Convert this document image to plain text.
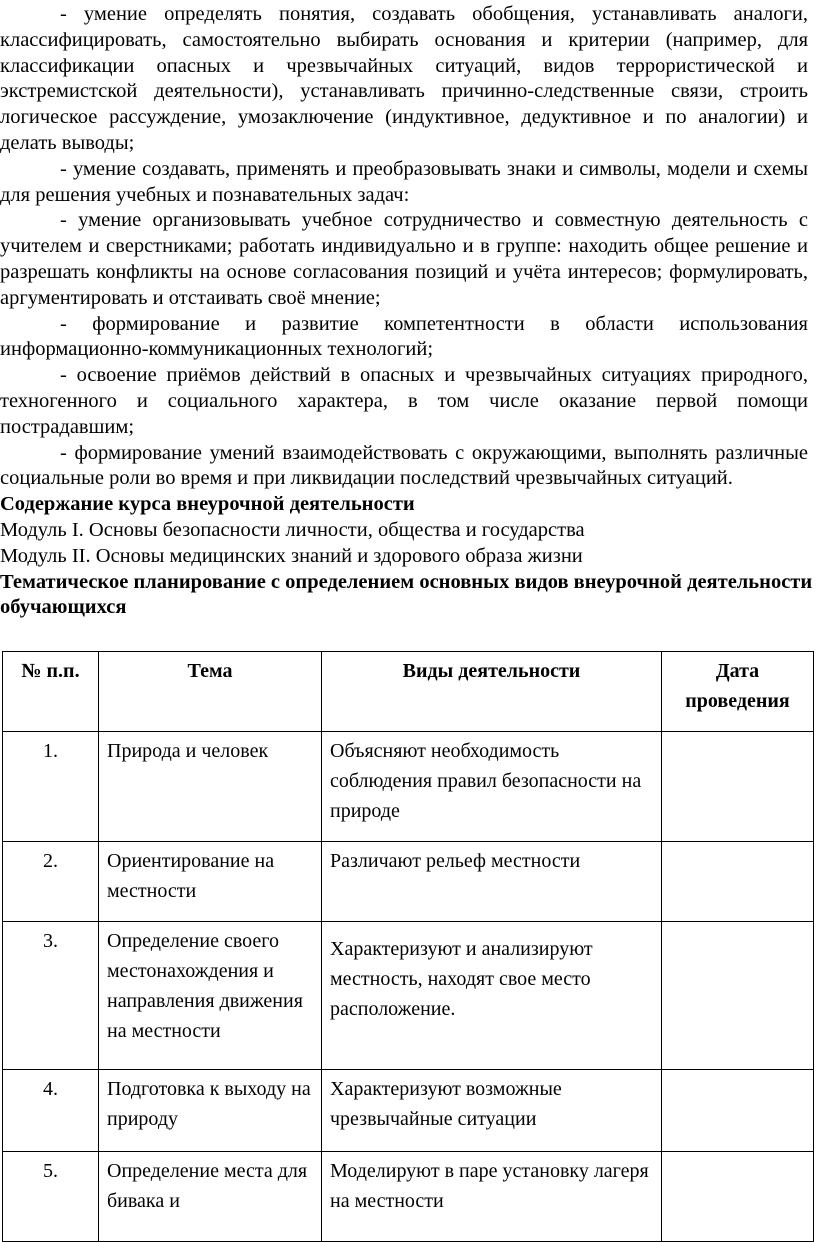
- умение определять понятия, создавать обобщения, устанавливать аналоги, классифицировать, самостоятельно выбирать основания и критерии (например, для классификации опасных и чрезвычайных ситуаций, видов террористической и экстремистской деятельности), устанавливать причинно-следственные связи, строить логическое рассуждение, умозаключение (индуктивное, дедуктивное и по аналогии) и делать выводы;

- умение создавать, применять и преобразовывать знаки и символы, модели и схемы для решения учебных и познавательных задач:

- умение организовывать учебное сотрудничество и совместную деятельность с учителем и сверстниками; работать индивидуально и в группе: находить общее решение и разрешать конфликты на основе согласования позиций и учёта интересов; формулировать, аргументировать и отстаивать своё мнение;

- формирование и развитие компетентности в области использования информационно-коммуникационных технологий;

- освоение приёмов действий в опасных и чрезвычайных ситуациях природного, техногенного и социального характера, в том числе оказание первой помощи пострадавшим;

- формирование умений взаимодействовать с окружающими, выполнять различные социальные роли во время и при ликвидации последствий чрезвычайных ситуаций.

Содержание курса внеурочной деятельности

Модуль I. Основы безопасности личности, общества и государства

Модуль II. Основы медицинских знаний и здорового образа жизни

Тематическое планирование с определением основных видов внеурочной деятельности обучающихся

№ п.п.	Тема	Виды деятельности	Дата проведения
1.	Природа и человек	Объясняют необходимость соблюдения правил безопасности на природе	
2.	Ориентирование на местности	Различают рельеф местности	
3.	Определение своего местонахождения и направления движения на местности	Характеризуют и анализируют местность, находят свое место расположение.	
4.	Подготовка к выходу на природу	Характеризуют возможные чрезвычайные ситуации	
5.	Определение места для бивака и	Моделируют в паре установку лагеря на местности	
